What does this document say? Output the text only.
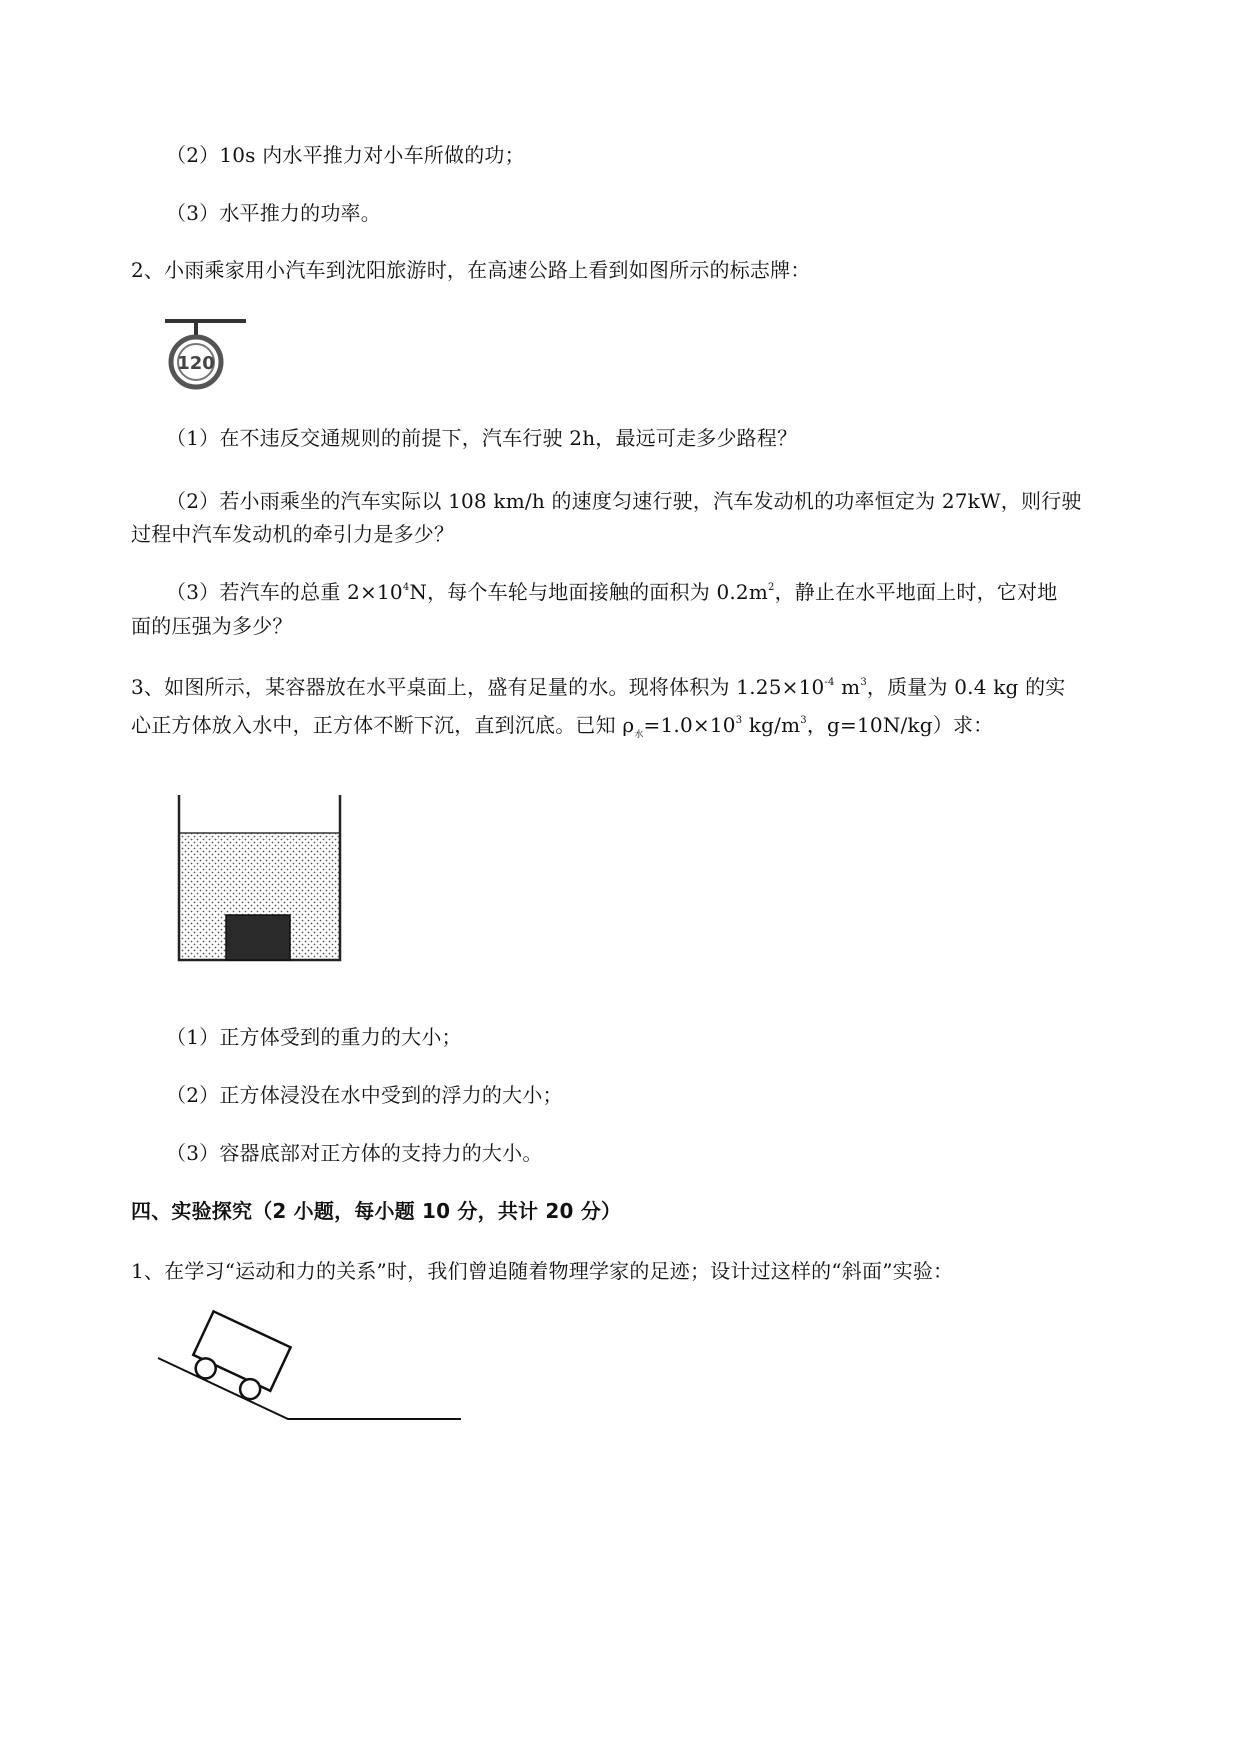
（2）10s 内水平推力对小车所做的功；
（3）水平推力的功率。
2、小雨乘家用小汽车到沈阳旅游时，在高速公路上看到如图所示的标志牌：
120
（1）在不违反交通规则的前提下，汽车行驶 2h，最远可走多少路程？
（2）若小雨乘坐的汽车实际以 108 km/h 的速度匀速行驶，汽车发动机的功率恒定为 27kW，则行驶
过程中汽车发动机的牵引力是多少？
（3）若汽车的总重 $2\times 10^4N$，每个车轮与地面接触的面积为 $0.2m^2$，静止在水平地面上时，它对地
面的压强为多少？
3、如图所示，某容器放在水平桌面上，盛有足量的水。现将体积为 $1.25\times 10^{-4}$ $m^3$，质量为 0.4 kg 的实
心正方体放入水中，正方体不断下沉，直到沉底。已知 $\rho_水=1.0\times 10^3$ $kg/m^3$，g=10N/kg）求：
（1）正方体受到的重力的大小；
（2）正方体浸没在水中受到的浮力的大小；
（3）容器底部对正方体的支持力的大小。
四、实验探究（2 小题，每小题 10 分，共计 20 分）
1、在学习“运动和力的关系”时，我们曾追随着物理学家的足迹；设计过这样的“斜面”实验：
